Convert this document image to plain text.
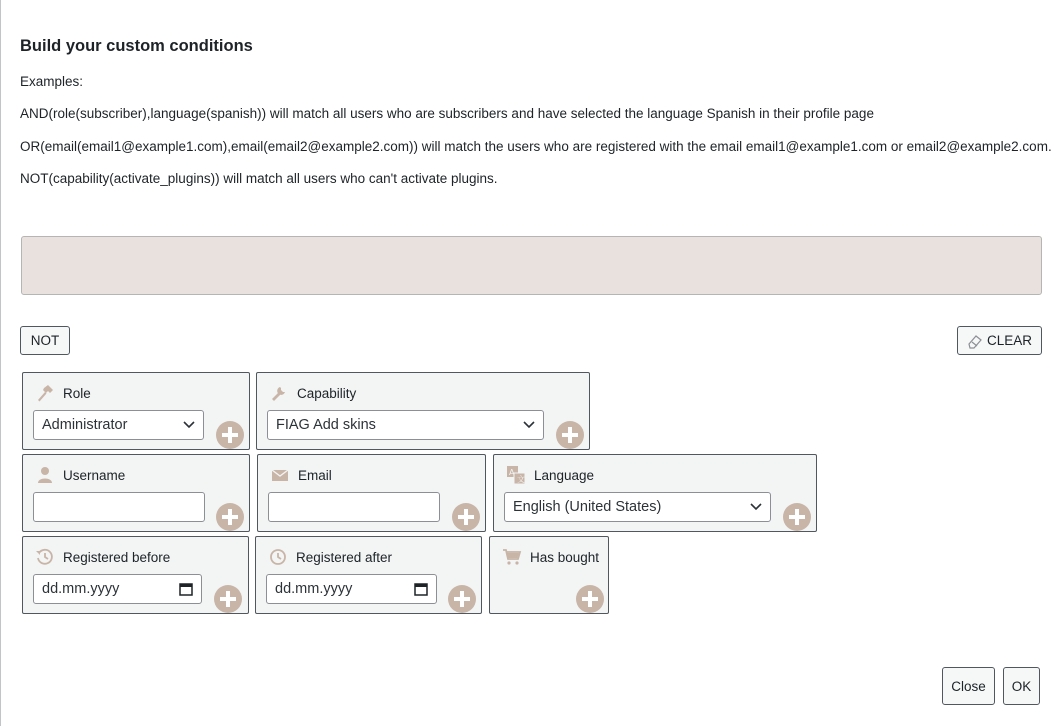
Build your custom conditions

Examples:

AND(role(subscriber),language(spanish)) will match all users who are subscribers and have selected the language Spanish in their profile page

OR(email(email1@example1.com),email(email2@example2.com)) will match the users who are registered with the email email1@example1.com or email2@example2.com.

NOT(capability(activate_plugins)) will match all users who can't activate plugins.

NOT	CLEAR
Role
Administrator
Capability
FIAG Add skins
Username	Email	A
文 Language
English (United States)
Registered before
dd.mm.yyyy
Registered after
dd.mm.yyyy
Has bought
Close	OK
